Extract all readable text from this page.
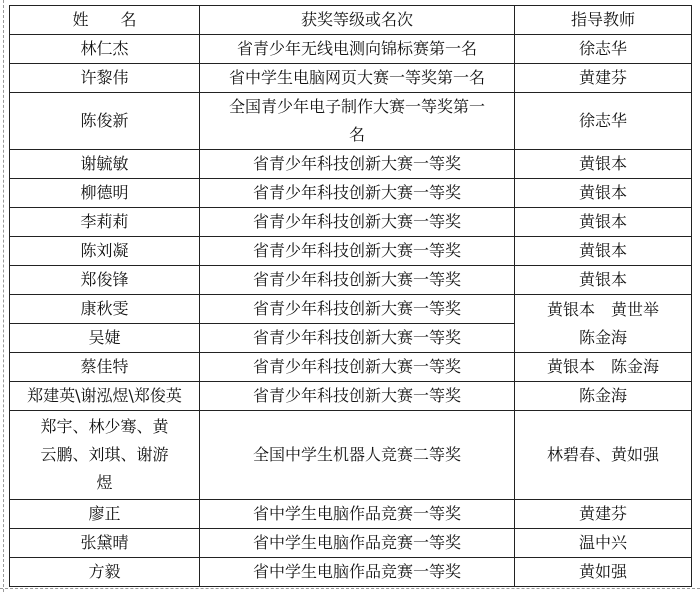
姓　　名	获奖等级或名次	指导教师
林仁杰	省青少年无线电测向锦标赛第一名	徐志华
许黎伟	省中学生电脑网页大赛一等奖第一名	黄建芬
陈俊新	全国青少年电子制作大赛一等奖第一名	徐志华
谢毓敏	省青少年科技创新大赛一等奖	黄银本
柳德明	省青少年科技创新大赛一等奖	黄银本
李莉莉	省青少年科技创新大赛一等奖	黄银本
陈刘凝	省青少年科技创新大赛一等奖	黄银本
郑俊锋	省青少年科技创新大赛一等奖	黄银本
康秋雯	省青少年科技创新大赛一等奖	黄银本　黄世举　陈金海
吴婕	省青少年科技创新大赛一等奖	
蔡佳特	省青少年科技创新大赛一等奖	黄银本　陈金海
郑建英\谢泓煜\郑俊英	省青少年科技创新大赛一等奖	陈金海
郑宇、林少骞、黄云鹏、刘琪、谢游煜	全国中学生机器人竞赛二等奖	林碧春、黄如强
廖正	省中学生电脑作品竞赛一等奖	黄建芬
张黛晴	省中学生电脑作品竞赛一等奖	温中兴
方毅	省中学生电脑作品竞赛一等奖	黄如强
